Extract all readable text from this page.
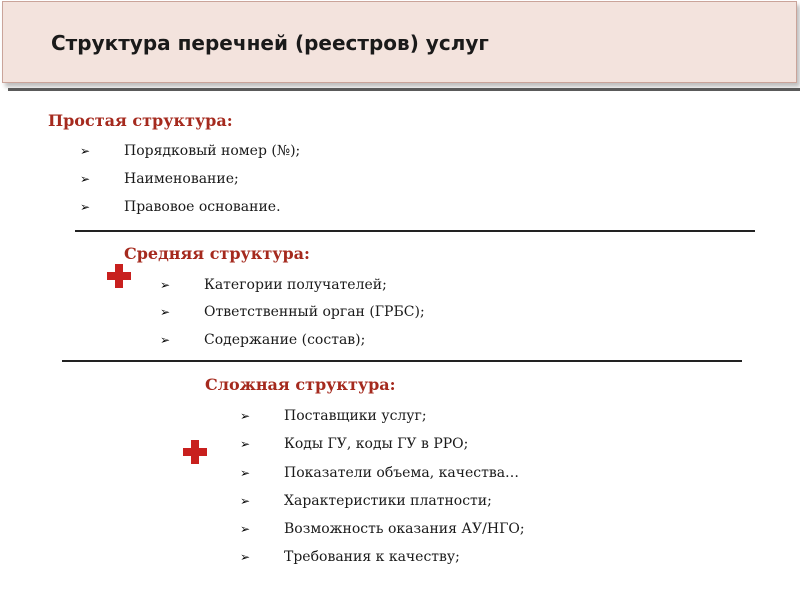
Структура перечней (реестров) услуг
Простая структура:
➢ Порядковый номер (№);
➢ Наименование;
➢ Правовое основание.
Средняя структура:
➢ Категории получателей;
➢ Ответственный орган (ГРБС);
➢ Содержание (состав);
Сложная структура:
➢ Поставщики услуг;
➢ Коды ГУ, коды ГУ в РРО;
➢ Показатели объема, качества…
➢ Характеристики платности;
➢ Возможность оказания АУ/НГО;
➢ Требования к качеству;
